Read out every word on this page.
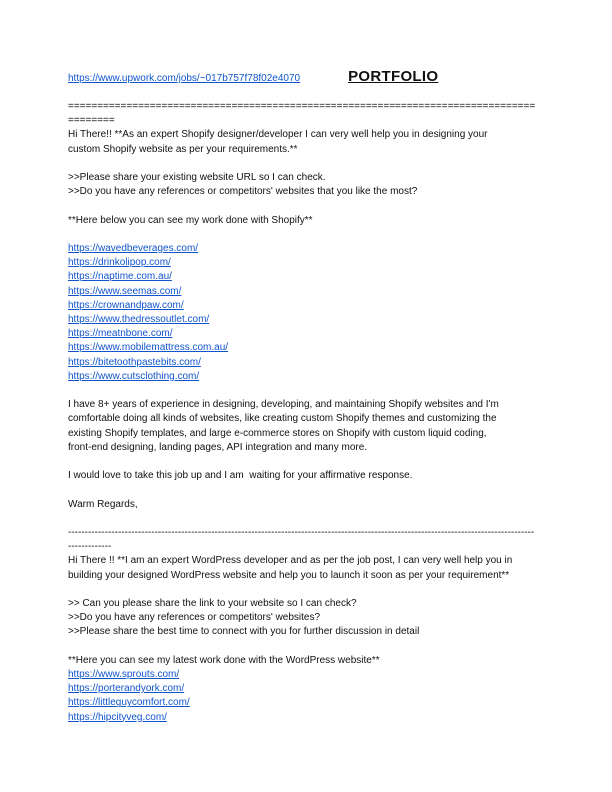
https://www.upwork.com/jobs/~017b757f78f02e4070	PORTFOLIO
================================================================================
========
Hi There!! **As an expert Shopify designer/developer I can very well help you in designing your
custom Shopify website as per your requirements.**
>>Please share your existing website URL so I can check.
>>Do you have any references or competitors' websites that you like the most?
**Here below you can see my work done with Shopify**
https://wavedbeverages.com/
https://drinkolipop.com/
https://naptime.com.au/
https://www.seemas.com/
https://crownandpaw.com/
https://www.thedressoutlet.com/
https://meatnbone.com/
https://www.mobilemattress.com.au/
https://bitetoothpastebits.com/
https://www.cutsclothing.com/
I have 8+ years of experience in designing, developing, and maintaining Shopify websites and I'm
comfortable doing all kinds of websites, like creating custom Shopify themes and customizing the
existing Shopify templates, and large e-commerce stores on Shopify with custom liquid coding,
front-end designing, landing pages, API integration and many more.
I would love to take this job up and I am  waiting for your affirmative response.
Warm Regards,
--------------------------------------------------------------------------------------------------------------------------------------------
-------------
Hi There !! **I am an expert WordPress developer and as per the job post, I can very well help you in
building your designed WordPress website and help you to launch it soon as per your requirement**
>> Can you please share the link to your website so I can check?
>>Do you have any references or competitors' websites?
>>Please share the best time to connect with you for further discussion in detail
**Here you can see my latest work done with the WordPress website**
https://www.sprouts.com/
https://porterandyork.com/
https://littleguycomfort.com/
https://hipcityveg.com/
